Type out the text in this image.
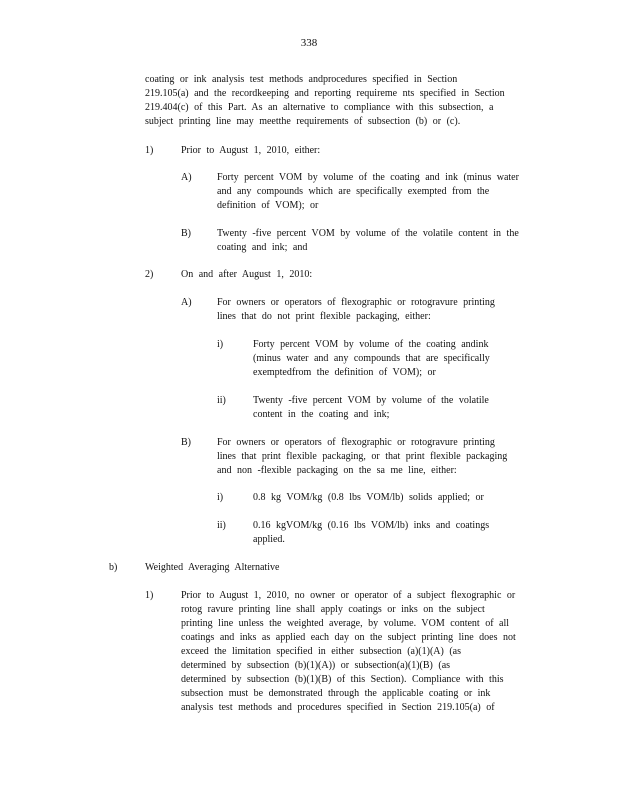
338
coating or ink analysis test methods andprocedures specified in Section
219.105(a) and the recordkeeping and reporting requireme nts specified in Section
219.404(c) of this Part. As an alternative to compliance with this subsection, a
subject printing line may meetthe requirements of subsection (b) or (c).
1)	Prior to August 1, 2010, either:
A)	Forty percent VOM by volume of the coating and ink (minus water
and any compounds which are specifically exempted from the
definition of VOM); or
B)	Twenty -five percent VOM by volume of the volatile content in the
coating and ink; and
2)	On and after August 1, 2010:
A)	For owners or operators of flexographic or rotogravure printing
lines that do not print flexible packaging, either:
i)	Forty percent VOM by volume of the coating andink
(minus water and any compounds that are specifically
exemptedfrom the definition of VOM); or
ii)	Twenty -five percent VOM by volume of the volatile
content in the coating and ink;
B)	For owners or operators of flexographic or rotogravure printing
lines that print flexible packaging, or that print flexible packaging
and non -flexible packaging on the sa me line, either:
i)	0.8 kg VOM/kg (0.8 lbs VOM/lb) solids applied; or
ii)	0.16 kgVOM/kg (0.16 lbs VOM/lb) inks and coatings
applied.
b)	Weighted Averaging Alternative
1)	Prior to August 1, 2010, no owner or operator of a subject flexographic or
rotog ravure printing line shall apply coatings or inks on the subject
printing line unless the weighted average, by volume. VOM content of all
coatings and inks as applied each day on the subject printing line does not
exceed the limitation specified in either subsection (a)(1)(A) (as
determined by subsection (b)(1)(A)) or subsection(a)(1)(B) (as
determined by subsection (b)(1)(B) of this Section). Compliance with this
subsection must be demonstrated through the applicable coating or ink
analysis test methods and procedures specified in Section 219.105(a) of
